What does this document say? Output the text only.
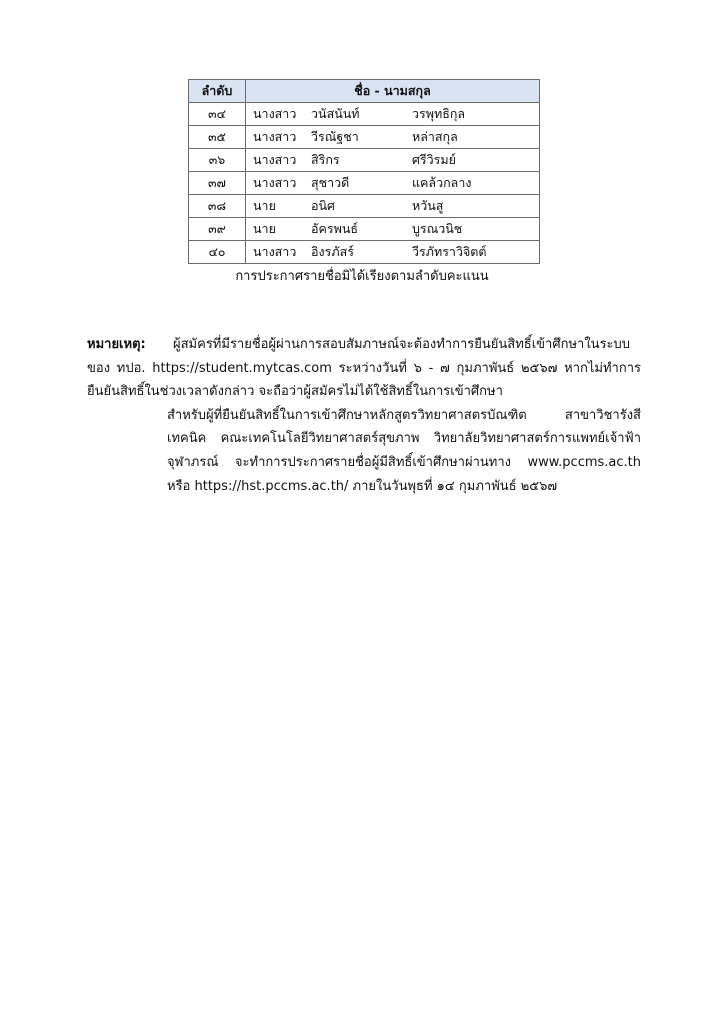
ลำดับ	ชื่อ - นามสกุล
๓๔	นางสาว วนัสนันท์ วรพุทธิกุล
๓๕	นางสาว วีรณัฐชา หล่าสกุล
๓๖	นางสาว สิริกร ศรีวิรมย์
๓๗	นางสาว สุชาวดี แคล้วกลาง
๓๘	นาย อนิศ หวันสู
๓๙	นาย อัครพนธ์ บูรณวนิช
๔๐	นางสาว อิงรภัสร์ วีรภัทราวิจิตต์
การประกาศรายชื่อมิได้เรียงตามลำดับคะแนน

หมายเหตุ: ผู้สมัครที่มีรายชื่อผู้ผ่านการสอบสัมภาษณ์จะต้องทำการยืนยันสิทธิ์เข้าศึกษาในระบบของ ทปอ. https://student.mytcas.com ระหว่างวันที่ ๖ - ๗ กุมภาพันธ์ ๒๕๖๗ หากไม่ทำการยืนยันสิทธิ์ในช่วงเวลาดังกล่าว จะถือว่าผู้สมัครไม่ได้ใช้สิทธิ์ในการเข้าศึกษา

สำหรับผู้ที่ยืนยันสิทธิ์ในการเข้าศึกษาหลักสูตรวิทยาศาสตรบัณฑิต สาขาวิชารังสีเทคนิค คณะเทคโนโลยีวิทยาศาสตร์สุขภาพ วิทยาลัยวิทยาศาสตร์การแพทย์เจ้าฟ้าจุฬาภรณ์ จะทำการประกาศรายชื่อผู้มีสิทธิ์เข้าศึกษาผ่านทาง www.pccms.ac.th หรือ https://hst.pccms.ac.th/ ภายในวันพุธที่ ๑๔ กุมภาพันธ์ ๒๕๖๗
